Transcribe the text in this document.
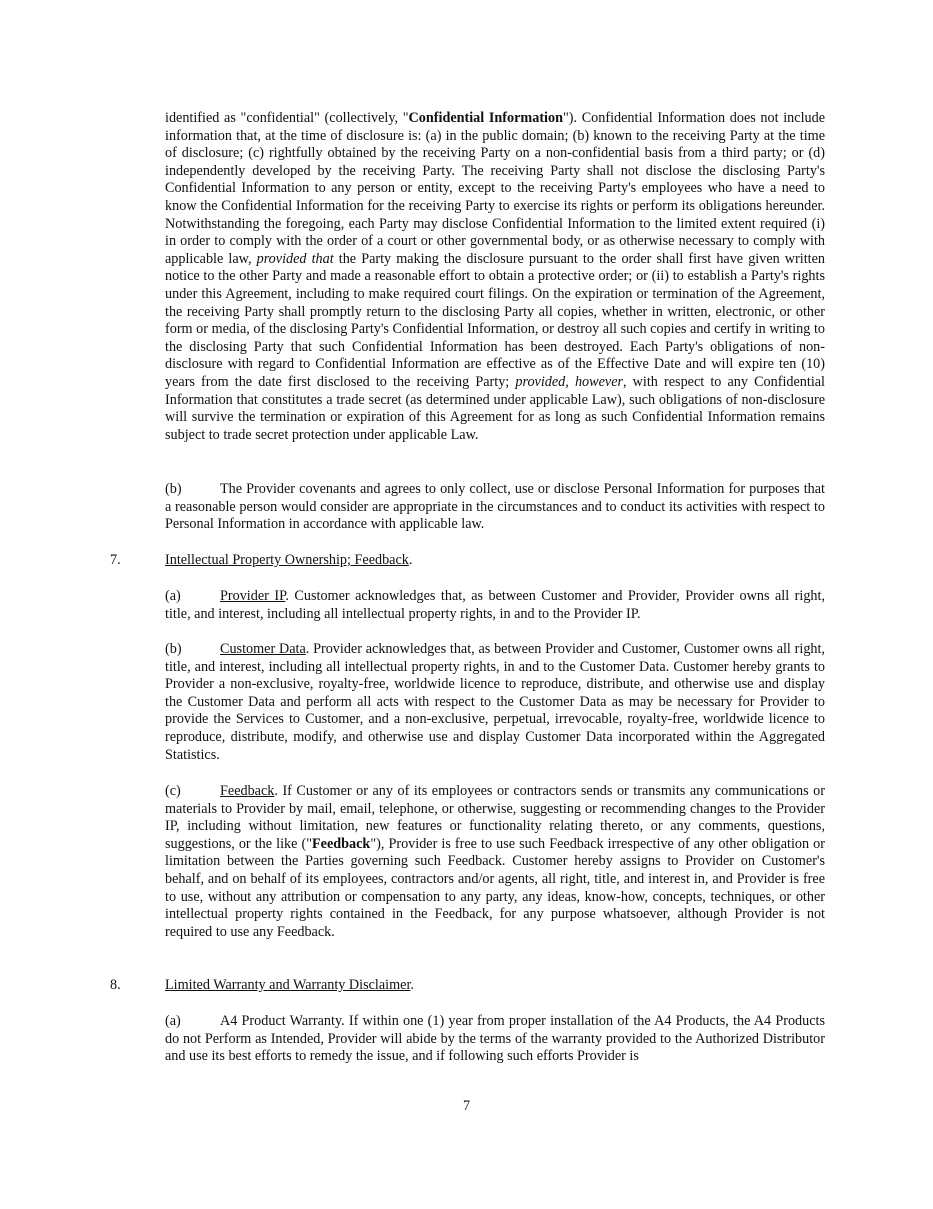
identified as "confidential" (collectively, "Confidential Information"). Confidential Information does not include information that, at the time of disclosure is: (a) in the public domain; (b) known to the receiving Party at the time of disclosure; (c) rightfully obtained by the receiving Party on a non-confidential basis from a third party; or (d) independently developed by the receiving Party. The receiving Party shall not disclose the disclosing Party's Confidential Information to any person or entity, except to the receiving Party's employees who have a need to know the Confidential Information for the receiving Party to exercise its rights or perform its obligations hereunder. Notwithstanding the foregoing, each Party may disclose Confidential Information to the limited extent required (i) in order to comply with the order of a court or other governmental body, or as otherwise necessary to comply with applicable law, provided that the Party making the disclosure pursuant to the order shall first have given written notice to the other Party and made a reasonable effort to obtain a protective order; or (ii) to establish a Party's rights under this Agreement, including to make required court filings. On the expiration or termination of the Agreement, the receiving Party shall promptly return to the disclosing Party all copies, whether in written, electronic, or other form or media, of the disclosing Party's Confidential Information, or destroy all such copies and certify in writing to the disclosing Party that such Confidential Information has been destroyed. Each Party's obligations of non-disclosure with regard to Confidential Information are effective as of the Effective Date and will expire ten (10) years from the date first disclosed to the receiving Party; provided, however, with respect to any Confidential Information that constitutes a trade secret (as determined under applicable Law), such obligations of non-disclosure will survive the termination or expiration of this Agreement for as long as such Confidential Information remains subject to trade secret protection under applicable Law.

(b)	The Provider covenants and agrees to only collect, use or disclose Personal Information for purposes that a reasonable person would consider are appropriate in the circumstances and to conduct its activities with respect to Personal Information in accordance with applicable law.

7.	Intellectual Property Ownership; Feedback.

(a)	Provider IP. Customer acknowledges that, as between Customer and Provider, Provider owns all right, title, and interest, including all intellectual property rights, in and to the Provider IP.

(b)	Customer Data. Provider acknowledges that, as between Provider and Customer, Customer owns all right, title, and interest, including all intellectual property rights, in and to the Customer Data. Customer hereby grants to Provider a non-exclusive, royalty-free, worldwide licence to reproduce, distribute, and otherwise use and display the Customer Data and perform all acts with respect to the Customer Data as may be necessary for Provider to provide the Services to Customer, and a non-exclusive, perpetual, irrevocable, royalty-free, worldwide licence to reproduce, distribute, modify, and otherwise use and display Customer Data incorporated within the Aggregated Statistics.

(c)	Feedback. If Customer or any of its employees or contractors sends or transmits any communications or materials to Provider by mail, email, telephone, or otherwise, suggesting or recommending changes to the Provider IP, including without limitation, new features or functionality relating thereto, or any comments, questions, suggestions, or the like ("Feedback"), Provider is free to use such Feedback irrespective of any other obligation or limitation between the Parties governing such Feedback. Customer hereby assigns to Provider on Customer's behalf, and on behalf of its employees, contractors and/or agents, all right, title, and interest in, and Provider is free to use, without any attribution or compensation to any party, any ideas, know-how, concepts, techniques, or other intellectual property rights contained in the Feedback, for any purpose whatsoever, although Provider is not required to use any Feedback.

8.	Limited Warranty and Warranty Disclaimer.

(a)	A4 Product Warranty. If within one (1) year from proper installation of the A4 Products, the A4 Products do not Perform as Intended, Provider will abide by the terms of the warranty provided to the Authorized Distributor and use its best efforts to remedy the issue, and if following such efforts Provider is

7
